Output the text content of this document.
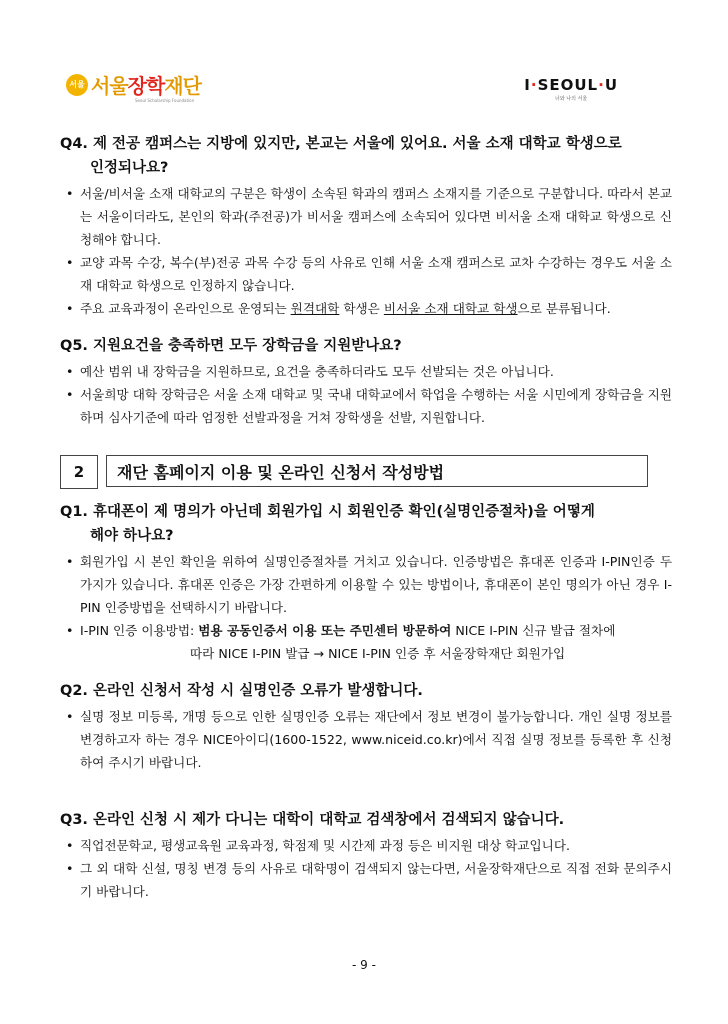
서울 서울장학재단
Seoul Scholarship Foundation
I·SEOUL·U
너와 나의 서울

Q4. 제 전공 캠퍼스는 지방에 있지만, 본교는 서울에 있어요. 서울 소재 대학교 학생으로
인정되나요?

• 서울/비서울 소재 대학교의 구분은 학생이 소속된 학과의 캠퍼스 소재지를 기준으로 구분합니다. 따라서 본교는 서울이더라도, 본인의 학과(주전공)가 비서울 캠퍼스에 소속되어 있다면 비서울 소재 대학교 학생으로 신청해야 합니다.
• 교양 과목 수강, 복수(부)전공 과목 수강 등의 사유로 인해 서울 소재 캠퍼스로 교차 수강하는 경우도 서울 소재 대학교 학생으로 인정하지 않습니다.
• 주요 교육과정이 온라인으로 운영되는 원격대학 학생은 비서울 소재 대학교 학생으로 분류됩니다.

Q5. 지원요건을 충족하면 모두 장학금을 지원받나요?

• 예산 범위 내 장학금을 지원하므로, 요건을 충족하더라도 모두 선발되는 것은 아닙니다.
• 서울희망 대학 장학금은 서울 소재 대학교 및 국내 대학교에서 학업을 수행하는 서울 시민에게 장학금을 지원하며 심사기준에 따라 엄정한 선발과정을 거쳐 장학생을 선발, 지원합니다.
2	재단 홈페이지 이용 및 온라인 신청서 작성방법

Q1. 휴대폰이 제 명의가 아닌데 회원가입 시 회원인증 확인(실명인증절차)을 어떻게
해야 하나요?

• 회원가입 시 본인 확인을 위하여 실명인증절차를 거치고 있습니다. 인증방법은 휴대폰 인증과 I-PIN인증 두 가지가 있습니다. 휴대폰 인증은 가장 간편하게 이용할 수 있는 방법이나, 휴대폰이 본인 명의가 아닌 경우 I-PIN 인증방법을 선택하시기 바랍니다.
• I-PIN 인증 이용방법: 범용 공동인증서 이용 또는 주민센터 방문하여 NICE I-PIN 신규 발급 절차에
따라 NICE I-PIN 발급 → NICE I-PIN 인증 후 서울장학재단 회원가입

Q2. 온라인 신청서 작성 시 실명인증 오류가 발생합니다.

• 실명 정보 미등록, 개명 등으로 인한 실명인증 오류는 재단에서 정보 변경이 불가능합니다. 개인 실명 정보를 변경하고자 하는 경우 NICE아이디(1600-1522, www.niceid.co.kr)에서 직접 실명 정보를 등록한 후 신청하여 주시기 바랍니다.

Q3. 온라인 신청 시 제가 다니는 대학이 대학교 검색창에서 검색되지 않습니다.

• 직업전문학교, 평생교육원 교육과정, 학점제 및 시간제 과정 등은 비지원 대상 학교입니다.
• 그 외 대학 신설, 명칭 변경 등의 사유로 대학명이 검색되지 않는다면, 서울장학재단으로 직접 전화 문의주시기 바랍니다.
- 9 -
